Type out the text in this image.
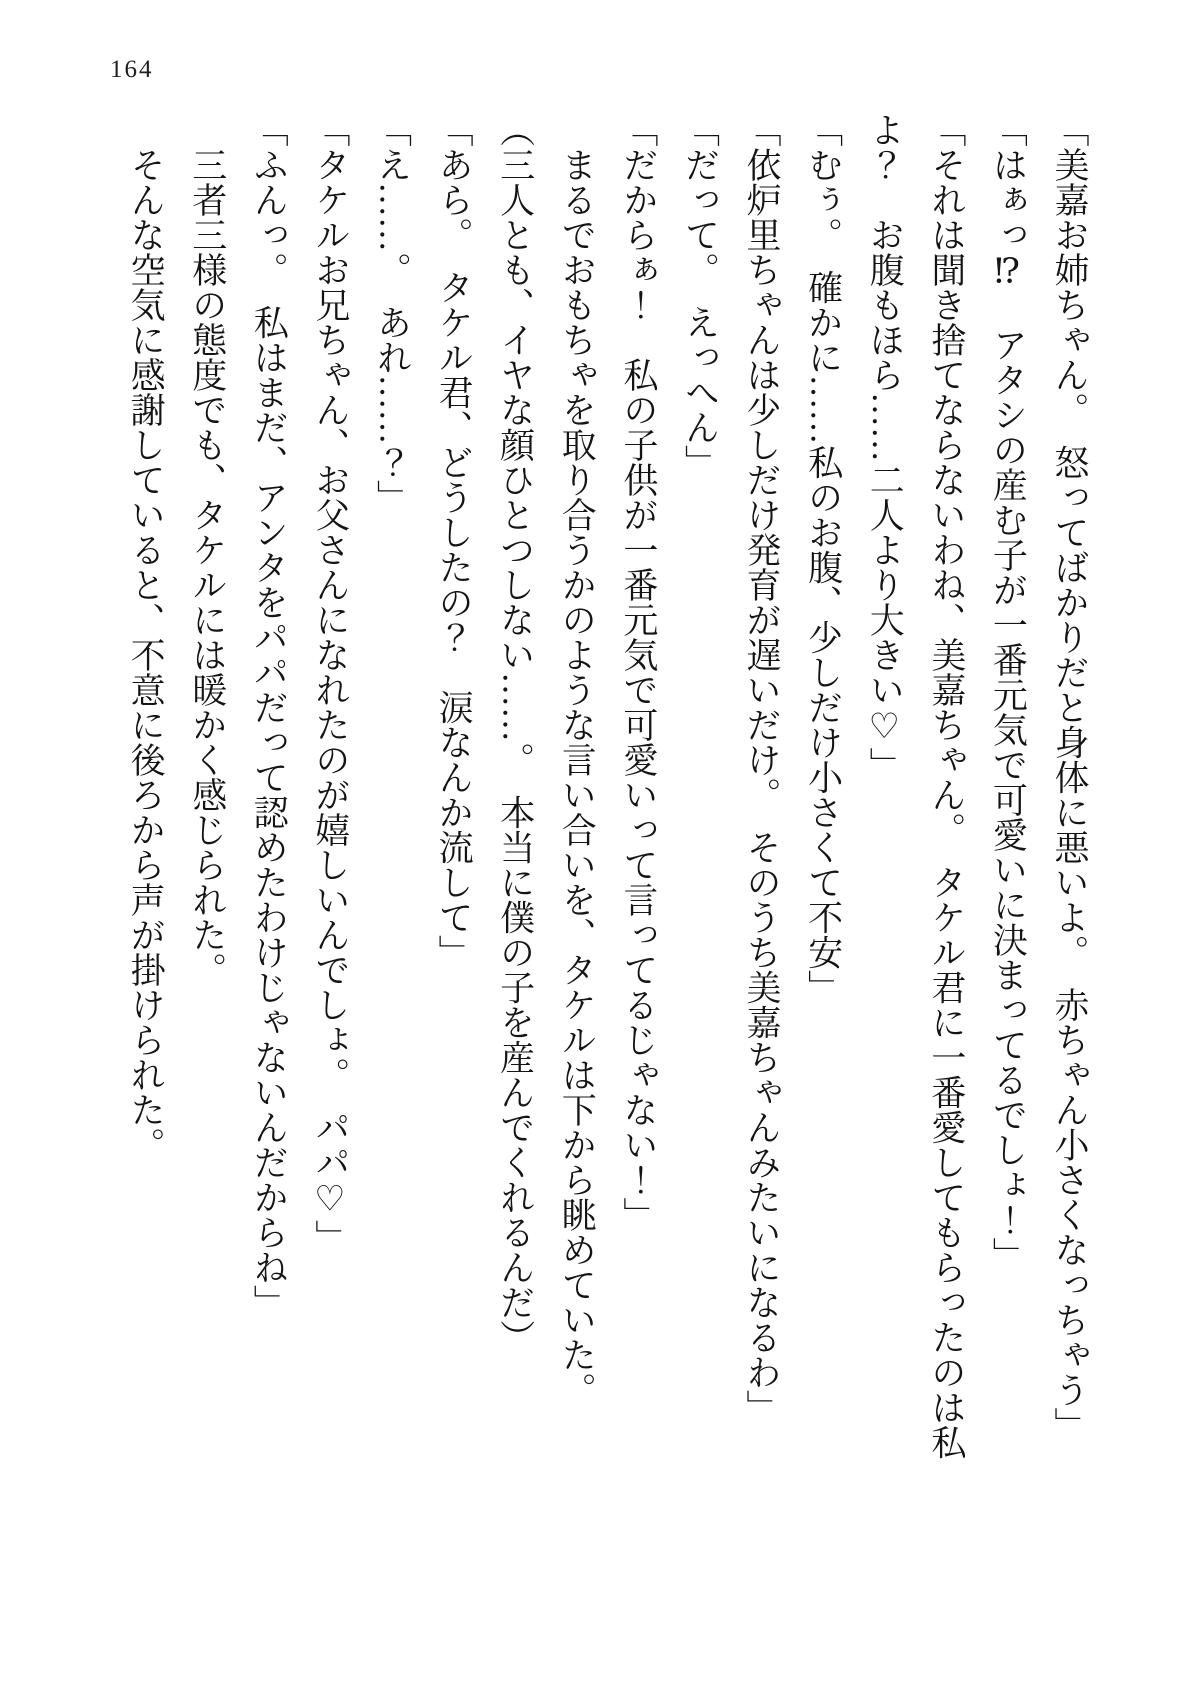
164

「美嘉お姉ちゃん。　怒ってばかりだと身体に悪いよ。　赤ちゃん小さくなっちゃう」

「はぁっ⁉　アタシの産む子が一番元気で可愛いに決まってるでしょ！」

「それは聞き捨てならないわね、美嘉ちゃん。　タケル君に一番愛してもらったのは私よ？　お腹もほら……二人より大きい♡」

「むぅ。　確かに……私のお腹、少しだけ小さくて不安」

「依炉里ちゃんは少しだけ発育が遅いだけ。　そのうち美嘉ちゃんみたいになるわ」

「だって。　えっへん」

「だからぁ！　私の子供が一番元気で可愛いって言ってるじゃない！」

まるでおもちゃを取り合うかのような言い合いを、タケルは下から眺めていた。

（三人とも、イヤな顔ひとつしない……。　本当に僕の子を産んでくれるんだ）

「あら。　タケル君、どうしたの？　涙なんか流して」

「え……。　あれ……？」

「タケルお兄ちゃん、お父さんになれたのが嬉しいんでしょ。　パパ♡」

「ふんっ。　私はまだ、アンタをパパだって認めたわけじゃないんだからね」

三者三様の態度でも、タケルには暖かく感じられた。

そんな空気に感謝していると、不意に後ろから声が掛けられた。
